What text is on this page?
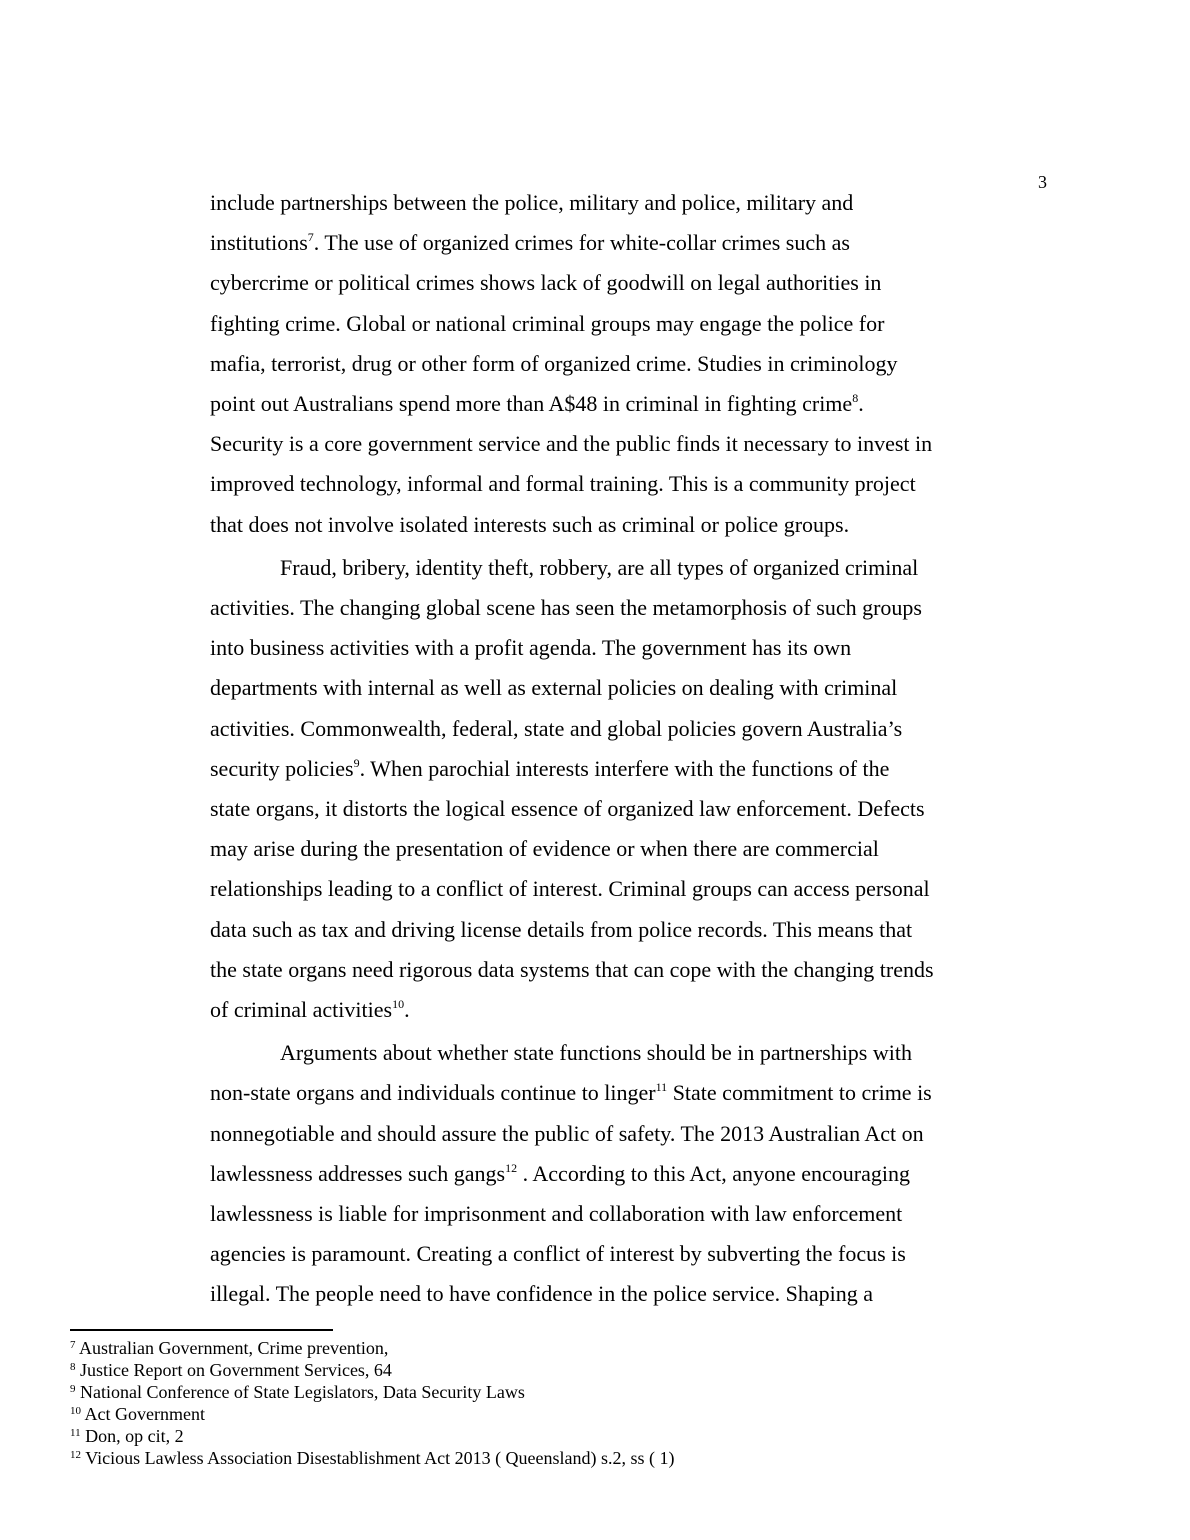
3

include partnerships between the police, military and police, military and
institutions$^7$. The use of organized crimes for white-collar crimes such as
cybercrime or political crimes shows lack of goodwill on legal authorities in
fighting crime. Global or national criminal groups may engage the police for
mafia, terrorist, drug or other form of organized crime. Studies in criminology
point out Australians spend more than A$48 in criminal in fighting crime$^8$.
Security is a core government service and the public finds it necessary to invest in
improved technology, informal and formal training. This is a community project
that does not involve isolated interests such as criminal or police groups.

Fraud, bribery, identity theft, robbery, are all types of organized criminal
activities. The changing global scene has seen the metamorphosis of such groups
into business activities with a profit agenda. The government has its own
departments with internal as well as external policies on dealing with criminal
activities. Commonwealth, federal, state and global policies govern Australia’s
security policies$^9$. When parochial interests interfere with the functions of the
state organs, it distorts the logical essence of organized law enforcement. Defects
may arise during the presentation of evidence or when there are commercial
relationships leading to a conflict of interest. Criminal groups can access personal
data such as tax and driving license details from police records. This means that
the state organs need rigorous data systems that can cope with the changing trends
of criminal activities$^{10}$.

Arguments about whether state functions should be in partnerships with
non-state organs and individuals continue to linger$^{11}$ State commitment to crime is
nonnegotiable and should assure the public of safety. The 2013 Australian Act on
lawlessness addresses such gangs$^{12}$ . According to this Act, anyone encouraging
lawlessness is liable for imprisonment and collaboration with law enforcement
agencies is paramount. Creating a conflict of interest by subverting the focus is
illegal. The people need to have confidence in the police service. Shaping a

$^7$ Australian Government, Crime prevention,
$^8$ Justice Report on Government Services, 64
$^9$ National Conference of State Legislators, Data Security Laws
$^{10}$ Act Government
$^{11}$ Don, op cit, 2
$^{12}$ Vicious Lawless Association Disestablishment Act 2013 ( Queensland) s.2, ss ( 1)
